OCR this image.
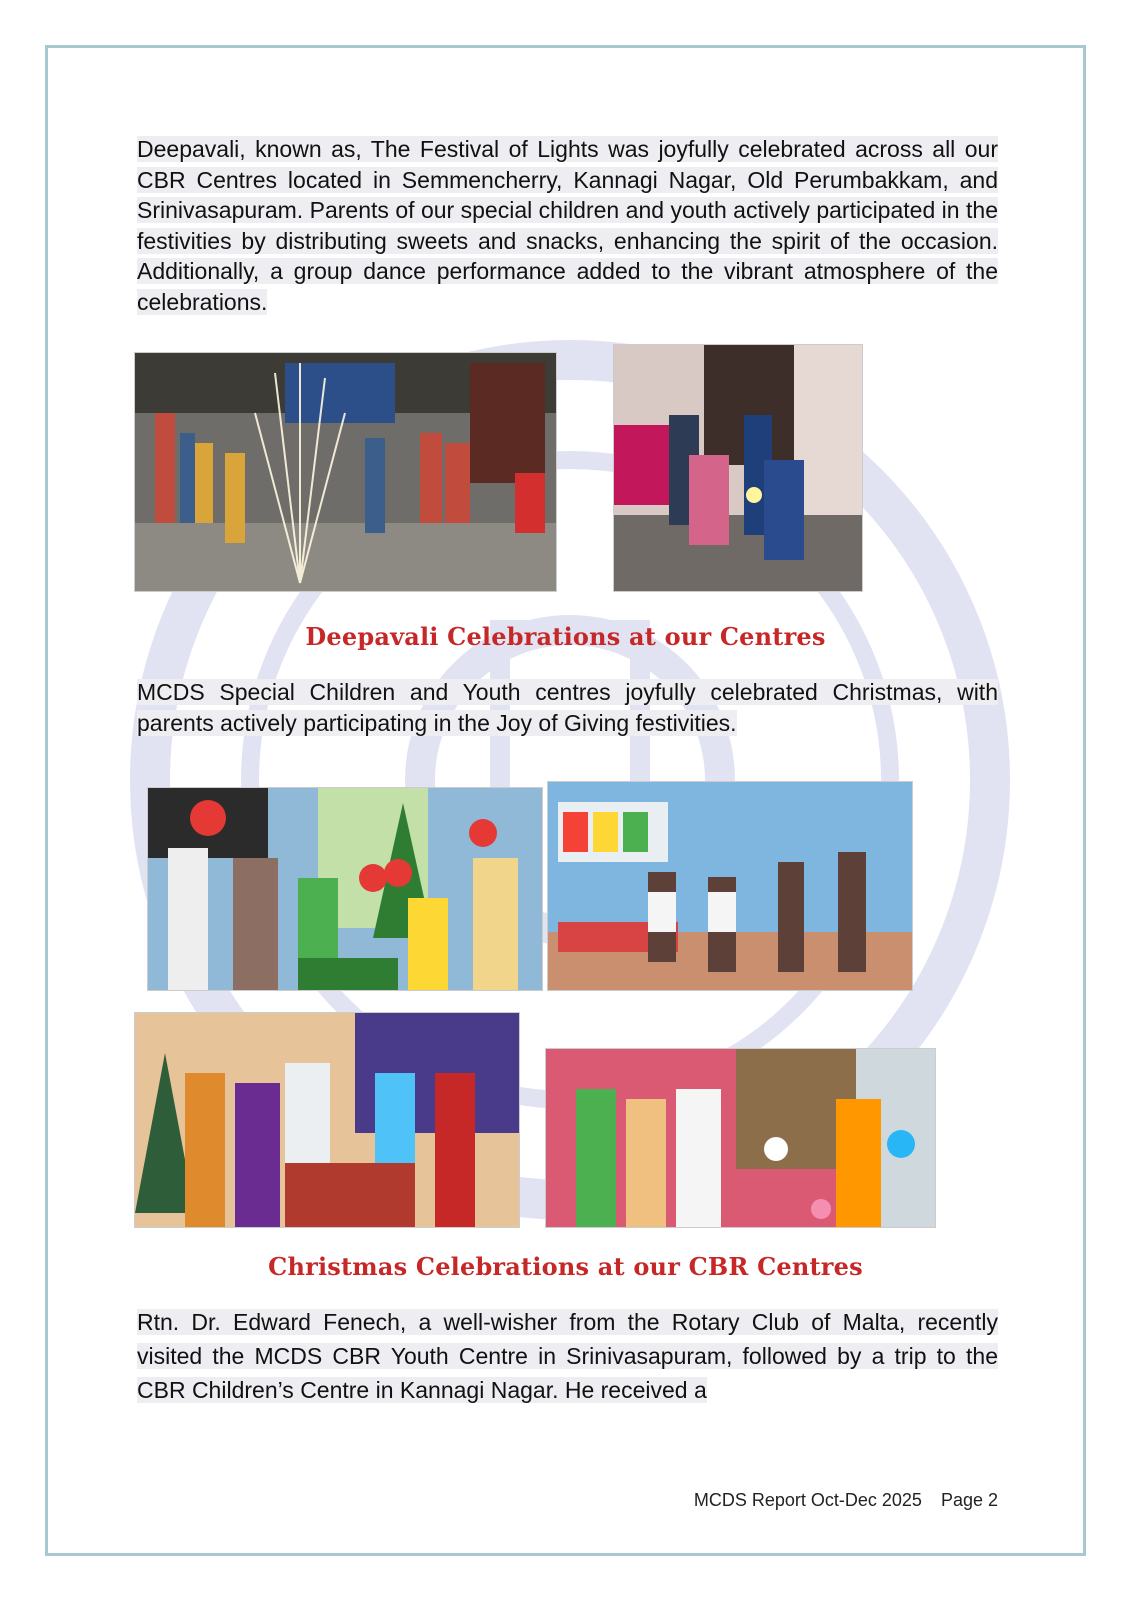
Deepavali, known as, The Festival of Lights was joyfully celebrated across all our CBR Centres located in Semmencherry, Kannagi Nagar, Old Perumbakkam, and Srinivasapuram. Parents of our special children and youth actively participated in the festivities by distributing sweets and snacks, enhancing the spirit of the occasion. Additionally, a group dance performance added to the vibrant atmosphere of the celebrations.

Deepavali Celebrations at our Centres

MCDS Special Children and Youth centres joyfully celebrated Christmas, with parents actively participating in the Joy of Giving festivities.

Christmas Celebrations at our CBR Centres

Rtn. Dr. Edward Fenech, a well-wisher from the Rotary Club of Malta, recently visited the MCDS CBR Youth Centre in Srinivasapuram, followed by a trip to the CBR Children’s Centre in Kannagi Nagar. He received a

MCDS Report Oct-Dec 2025 Page 2
